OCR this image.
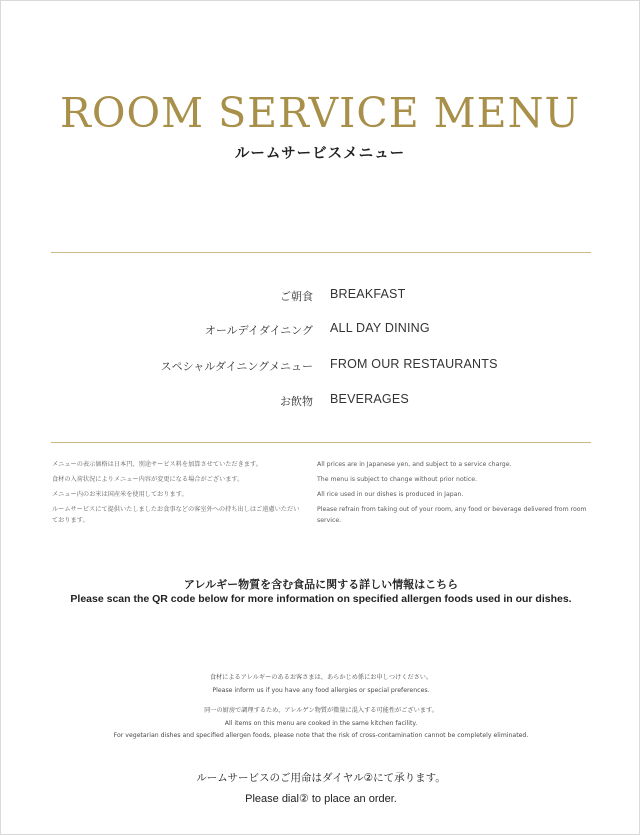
ROOM SERVICE MENU
ルームサービスメニュー
ご朝食 BREAKFAST
オールデイダイニング ALL DAY DINING
スペシャルダイニングメニュー FROM OUR RESTAURANTS
お飲物 BEVERAGES

メニューの表示価格は日本円、別途サービス料を加算させていただきます。

食材の入荷状況によりメニュー内容が変更になる場合がございます。

メニュー内のお米は国産米を使用しております。

ルームサービスにて提供いたしましたお食事などの客室外への持ち出しはご遠慮いただいております。

All prices are in Japanese yen, and subject to a service charge.

The menu is subject to change without prior notice.

All rice used in our dishes is produced in Japan.

Please refrain from taking out of your room, any food or beverage delivered from room service.

アレルギー物質を含む食品に関する詳しい情報はこちら
Please scan the QR code below for more information on specified allergen foods used in our dishes.
食材によるアレルギーのあるお客さまは、あらかじめ係にお申しつけください。
Please inform us if you have any food allergies or special preferences.
同一の厨房で調理するため、アレルゲン物質が微量に混入する可能性がございます。
All items on this menu are cooked in the same kitchen facility.
For vegetarian dishes and specified allergen foods, please note that the risk of cross-contamination cannot be completely eliminated.
ルームサービスのご用命はダイヤル②にて承ります。
Please dial② to place an order.
